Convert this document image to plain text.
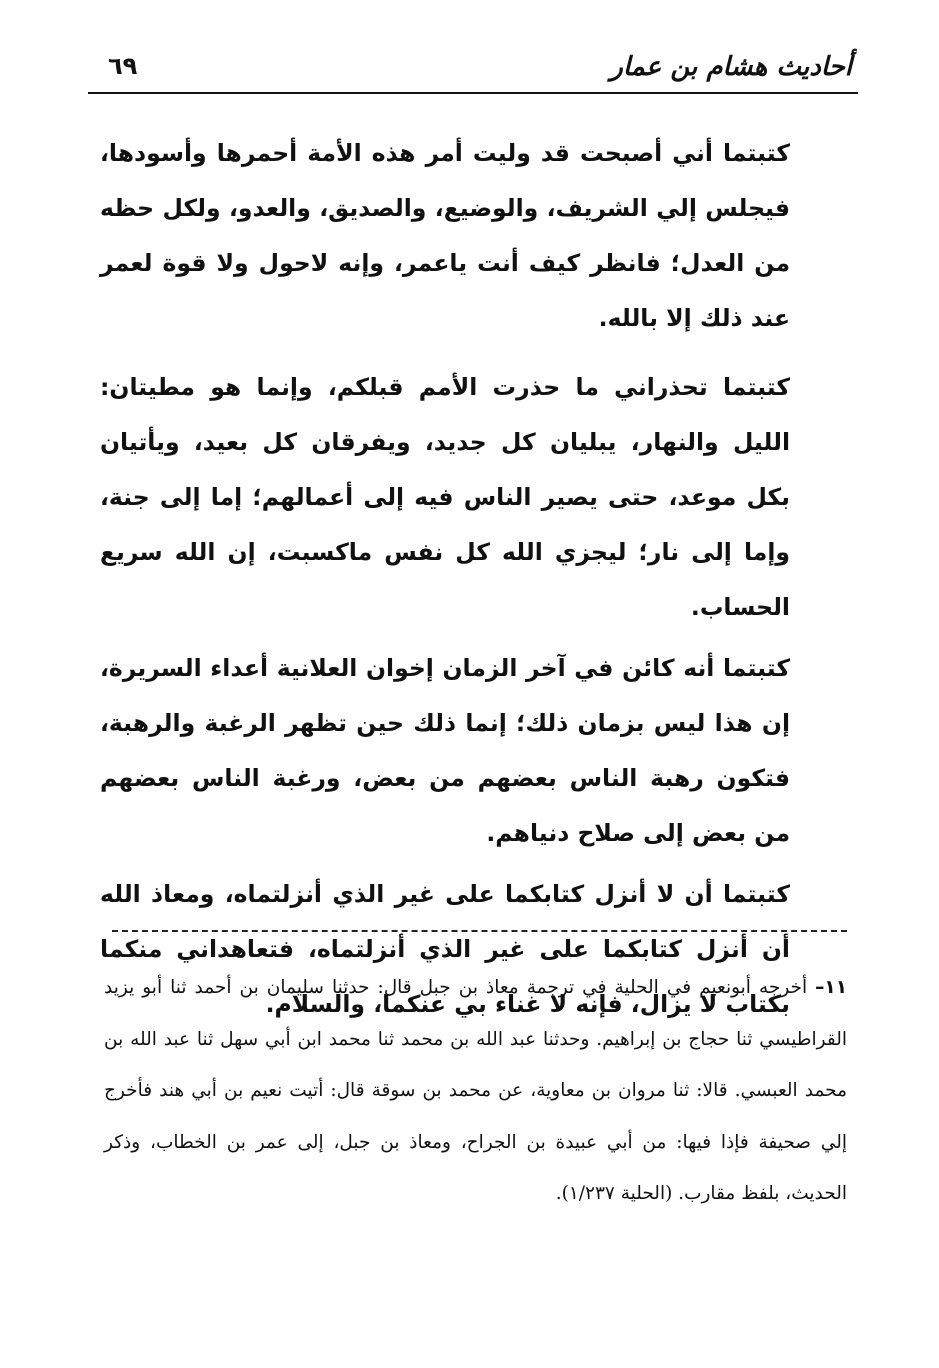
أحاديث هشام بن عمار
٦٩

كتبتما أني أصبحت قد وليت أمر هذه الأمة أحمرها وأسودها، فيجلس إلي الشريف، والوضيع، والصديق، والعدو، ولكل حظه من العدل؛ فانظر كيف أنت ياعمر، وإنه لاحول ولا قوة لعمر عند ذلك إلا بالله.

كتبتما تحذراني ما حذرت الأمم قبلكم، وإنما هو مطيتان: الليل والنهار، يبليان كل جديد، ويفرقان كل بعيد، ويأتيان بكل موعد، حتى يصير الناس فيه إلى أعمالهم؛ إما إلى جنة، وإما إلى نار؛ ليجزي الله كل نفس ماكسبت، إن الله سريع الحساب.

كتبتما أنه كائن في آخر الزمان إخوان العلانية أعداء السريرة، إن هذا ليس بزمان ذلك؛ إنما ذلك حين تظهر الرغبة والرهبة، فتكون رهبة الناس بعضهم من بعض، ورغبة الناس بعضهم من بعض إلى صلاح دنياهم.

كتبتما أن لا أنزل كتابكما على غير الذي أنزلتماه، ومعاذ الله أن أنزل كتابكما على غير الذي أنزلتماه، فتعاهداني منكما بكتاب لا يزال، فإنه لا غناء بي عنكما، والسلام.

١١– أخرجه أبونعيم في الحلية في ترجمة معاذ بن جبل قال: حدثنا سليمان بن أحمد ثنا أبو يزيد القراطيسي ثنا حجاج بن إبراهيم. وحدثنا عبد الله بن محمد ثنا محمد ابن أبي سهل ثنا عبد الله بن محمد العبسي. قالا: ثنا مروان بن معاوية، عن محمد بن سوقة قال: أتيت نعيم بن أبي هند فأخرج إلي صحيفة فإذا فيها: من أبي عبيدة بن الجراح، ومعاذ بن جبل، إلى عمر بن الخطاب، وذكر الحديث، بلفظ مقارب. (الحلية ١/٢٣٧).
